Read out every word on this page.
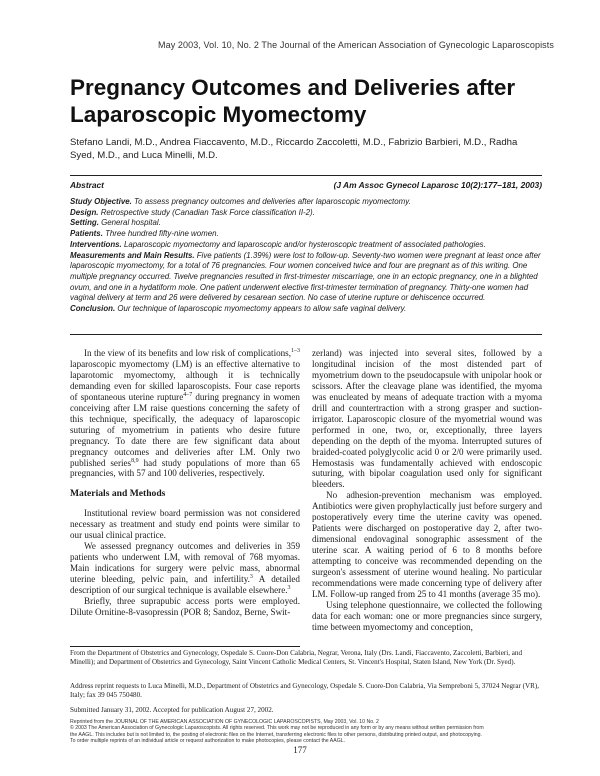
May 2003, Vol. 10, No. 2 The Journal of the American Association of Gynecologic Laparoscopists
Pregnancy Outcomes and Deliveries after Laparoscopic Myomectomy
Stefano Landi, M.D., Andrea Fiaccavento, M.D., Riccardo Zaccoletti, M.D., Fabrizio Barbieri, M.D., Radha Syed, M.D., and Luca Minelli, M.D.
Abstract	(J Am Assoc Gynecol Laparosc 10(2):177–181, 2003)

Study Objective. To assess pregnancy outcomes and deliveries after laparoscopic myomectomy.

Design. Retrospective study (Canadian Task Force classification II-2).

Setting. General hospital.

Patients. Three hundred fifty-nine women.

Interventions. Laparoscopic myomectomy and laparoscopic and/or hysteroscopic treatment of associated pathologies.

Measurements and Main Results. Five patients (1.39%) were lost to follow-up. Seventy-two women were pregnant at least once after laparoscopic myomectomy, for a total of 76 pregnancies. Four women conceived twice and four are pregnant as of this writing. One multiple pregnancy occurred. Twelve pregnancies resulted in first-trimester miscarriage, one in an ectopic pregnancy, one in a blighted ovum, and one in a hydatiform mole. One patient underwent elective first-trimester termination of pregnancy. Thirty-one women had vaginal delivery at term and 26 were delivered by cesarean section. No case of uterine rupture or dehiscence occurred.

Conclusion. Our technique of laparoscopic myomectomy appears to allow safe vaginal delivery.

In the view of its benefits and low risk of complications,$^{1-3}$ laparoscopic myomectomy (LM) is an effective alternative to laparotomic myomectomy, although it is technically demanding even for skilled laparoscopists. Four case reports of spontaneous uterine rupture$^{4-7}$ during pregnancy in women conceiving after LM raise questions concerning the safety of this technique, specifically, the adequacy of laparoscopic suturing of myometrium in patients who desire future pregnancy. To date there are few significant data about pregnancy outcomes and deliveries after LM. Only two published series$^{8,9}$ had study populations of more than 65 pregnancies, with 57 and 100 deliveries, respectively.

Materials and Methods

Institutional review board permission was not considered necessary as treatment and study end points were similar to our usual clinical practice.

We assessed pregnancy outcomes and deliveries in 359 patients who underwent LM, with removal of 768 myomas. Main indications for surgery were pelvic mass, abnormal uterine bleeding, pelvic pain, and infertility.$^3$ A detailed description of our surgical technique is available elsewhere.$^3$

Briefly, three suprapubic access ports were employed. Dilute Ornitine-8-vasopressin (POR 8; Sandoz, Berne, Swit-

zerland) was injected into several sites, followed by a longitudinal incision of the most distended part of myometrium down to the pseudocapsule with unipolar hook or scissors. After the cleavage plane was identified, the myoma was enucleated by means of adequate traction with a myoma drill and countertraction with a strong grasper and suction-irrigator. Laparoscopic closure of the myometrial wound was performed in one, two, or, exceptionally, three layers depending on the depth of the myoma. Interrupted sutures of braided-coated polyglycolic acid 0 or 2/0 were primarily used. Hemostasis was fundamentally achieved with endoscopic suturing, with bipolar coagulation used only for significant bleeders.

No adhesion-prevention mechanism was employed. Antibiotics were given prophylactically just before surgery and postoperatively every time the uterine cavity was opened. Patients were discharged on postoperative day 2, after two-dimensional endovaginal sonographic assessment of the uterine scar. A waiting period of 6 to 8 months before attempting to conceive was recommended depending on the surgeon's assessment of uterine wound healing. No particular recommendations were made concerning type of delivery after LM. Follow-up ranged from 25 to 41 months (average 35 mo).

Using telephone questionnaire, we collected the following data for each woman: one or more pregnancies since surgery, time between myomectomy and conception,

From the Department of Obstetrics and Gynecology, Ospedale S. Cuore-Don Calabria, Negrar, Verona, Italy (Drs. Landi, Fiaccavento, Zaccoletti, Barbieri, and Minelli); and Department of Obstetrics and Gynecology, Saint Vincent Catholic Medical Centers, St. Vincent's Hospital, Staten Island, New York (Dr. Syed).
Address reprint requests to Luca Minelli, M.D., Department of Obstetrics and Gynecology, Ospedale S. Cuore-Don Calabria, Via Sempreboni 5, 37024 Negrar (VR), Italy; fax 39 045 750480.
Submitted January 31, 2002. Accepted for publication August 27, 2002.
Reprinted from the JOURNAL OF THE AMERICAN ASSOCIATION OF GYNECOLOGIC LAPAROSCOPISTS, May 2003, Vol. 10 No. 2
© 2003 The American Association of Gynecologic Laparoscopists. All rights reserved. This work may not be reproduced in any form or by any means without written permission from
the AAGL. This includes but is not limited to, the posting of electronic files on the Internet, transferring electronic files to other persons, distributing printed output, and photocopying.
To order multiple reprints of an individual article or request authorization to make photocopies, please contact the AAGL.
177
